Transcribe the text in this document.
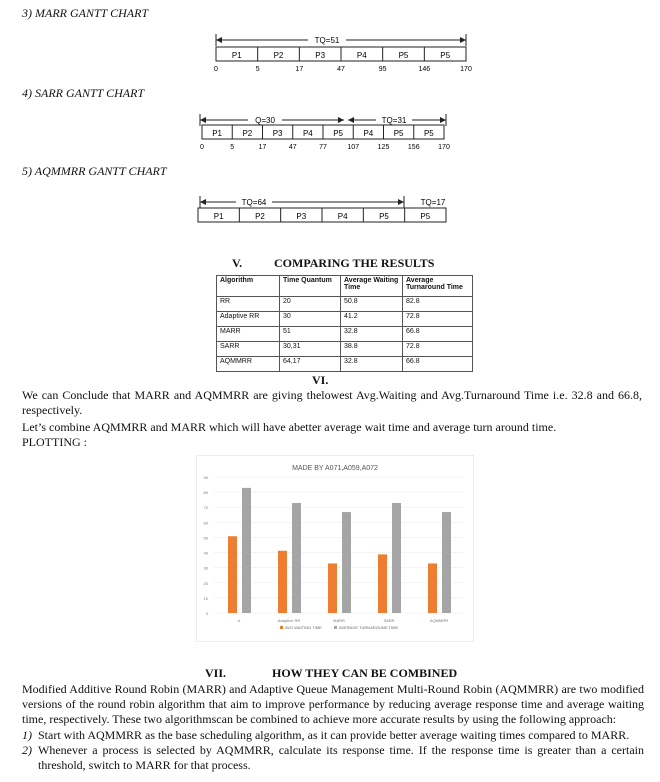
3) MARR GANTT CHART
TQ=51
P1	P2	P3	P4	P5	P5
0	5	17	47	95	146	170
4) SARR GANTT CHART
Q=30	TQ=31
P1	P2	P3	P4	P5	P4	P5	P5
0	5	17	47	77	107	125	156	170
5) AQMMRR GANTT CHART
TQ=64	TQ=17
P1	P2	P3	P4	P5	P5
V.	COMPARING THE RESULTS
Algorithm	Time Quantum	Average Waiting Time	Average Turnaround Time
RR	20	50.8	82.8
Adaptive RR	30	41.2	72.8
MARR	51	32.8	66.8
SARR	30,31	38.8	72.8
AQMMRR	64,17	32.8	66.8
VI.
We can Conclude that MARR and AQMMRR are giving thelowest Avg.Waiting and Avg.Turnaround Time i.e. 32.8 and 66.8, respectively.
Let’s combine AQMMRR and MARR which will have abetter average wait time and average turn around time.
PLOTTING :
MADE BY A071,A059,A072
0
10
20
30
40
50
60
70
80
90
rr	Adaptive RR	MARR	SARR	AQMMRR
AVG WAITING TIME	AVERAGE TURNAROUND TIME
VII.	HOW THEY CAN BE COMBINED
Modified Additive Round Robin (MARR) and Adaptive Queue Management Multi-Round Robin (AQMMRR) are two modified versions of the round robin algorithm that aim to improve performance by reducing average response time and average waiting time, respectively. These two algorithmscan be combined to achieve more accurate results by using the following approach:
1) Start with AQMMRR as the base scheduling algorithm, as it can provide better average waiting times compared to MARR.
2) Whenever a process is selected by AQMMRR, calculate its response time. If the response time is greater than a certain threshold, switch to MARR for that process.
